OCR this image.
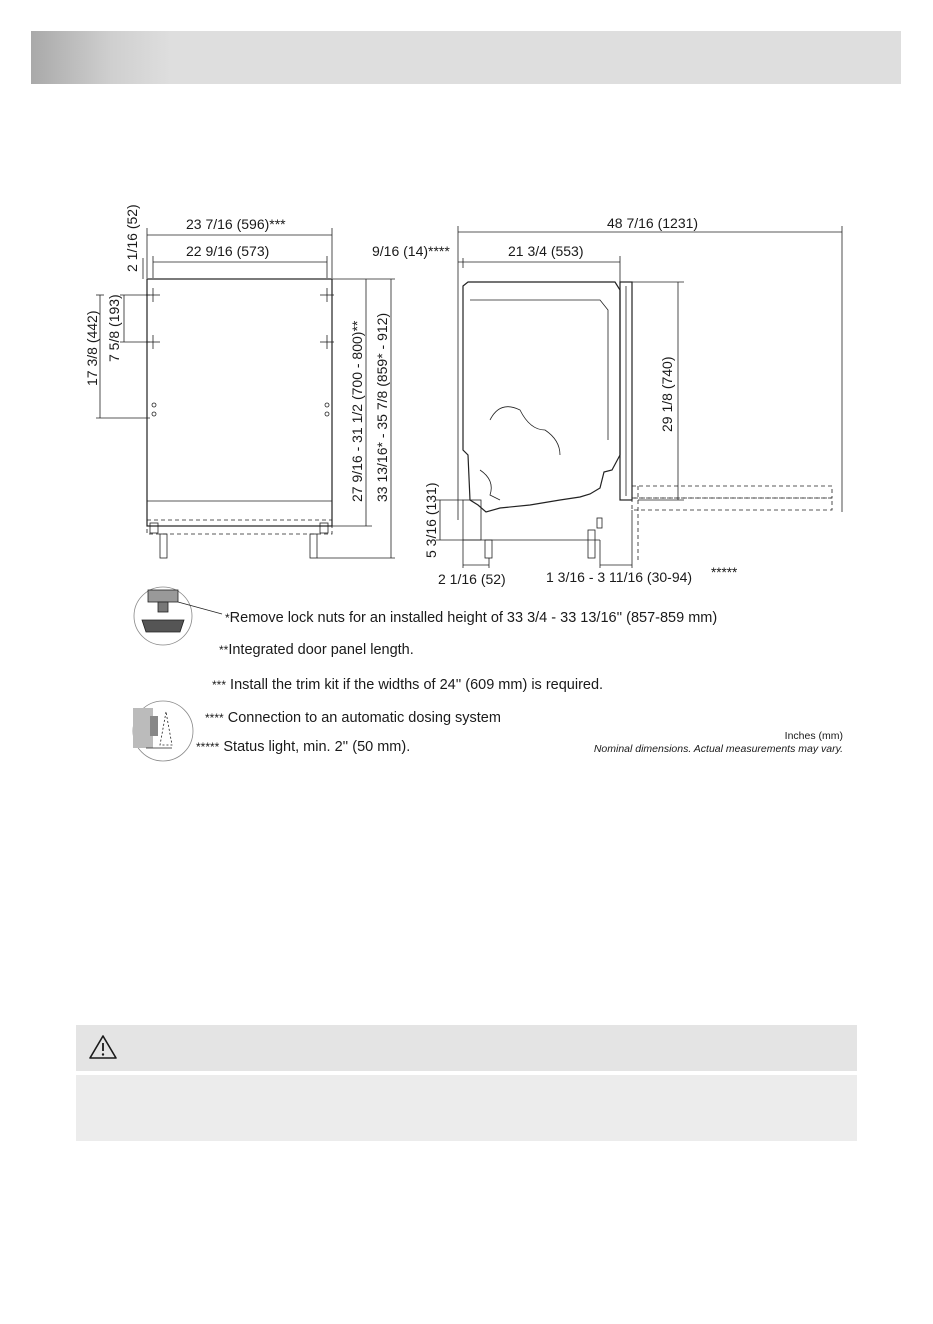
23 7/16 (596)***
22 9/16 (573)
2 1/16 (52)
7 5/8 (193)
17 3/8 (442)	27 9/16 - 31 1/2 (700 - 800)** 33 13/16* - 35 7/8 (859* - 912)
48 7/16 (1231)
9/16 (14)****	21 3/4 (553)
29 1/8 (740)
5 3/16 (131)
2 1/16 (52)	1 3/16 - 3 11/16 (30-94) *****
*Remove lock nuts for an installed height of 33 3/4 - 33 13/16'' (857-859 mm)
**Integrated door panel length.
*** Install the trim kit if the widths of 24'' (609 mm) is required.
**** Connection to an automatic dosing system
***** Status light, min. 2'' (50 mm).
Inches (mm)
Nominal dimensions. Actual measurements may vary.
